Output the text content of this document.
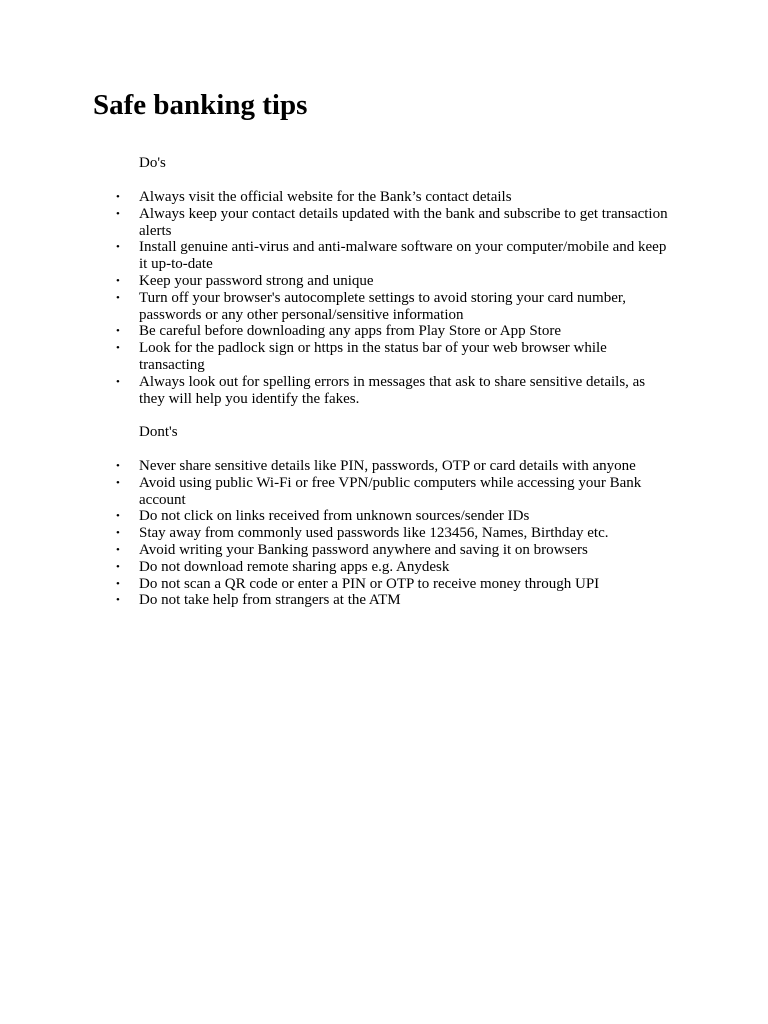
Safe banking tips

Do's

• Always visit the official website for the Bank’s contact details
• Always keep your contact details updated with the bank and subscribe to get transaction alerts
• Install genuine anti-virus and anti-malware software on your computer/mobile and keep it up-to-date
• Keep your password strong and unique
• Turn off your browser's autocomplete settings to avoid storing your card number, passwords or any other personal/sensitive information
• Be careful before downloading any apps from Play Store or App Store
• Look for the padlock sign or https in the status bar of your web browser while transacting
• Always look out for spelling errors in messages that ask to share sensitive details, as they will help you identify the fakes.

Dont's

• Never share sensitive details like PIN, passwords, OTP or card details with anyone
• Avoid using public Wi-Fi or free VPN/public computers while accessing your Bank account
• Do not click on links received from unknown sources/sender IDs
• Stay away from commonly used passwords like 123456, Names, Birthday etc.
• Avoid writing your Banking password anywhere and saving it on browsers
• Do not download remote sharing apps e.g. Anydesk
• Do not scan a QR code or enter a PIN or OTP to receive money through UPI
• Do not take help from strangers at the ATM
